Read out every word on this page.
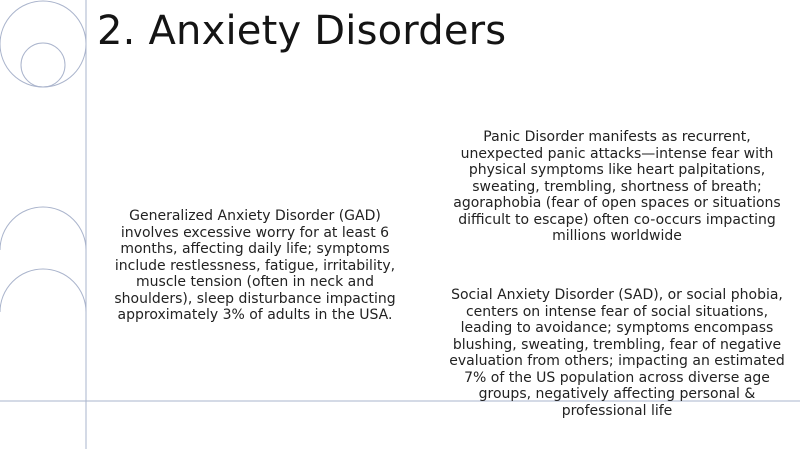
2. Anxiety Disorders

Generalized Anxiety Disorder (GAD) involves excessive worry for at least 6 months, affecting daily life; symptoms include restlessness, fatigue, irritability, muscle tension (often in neck and shoulders), sleep disturbance impacting approximately 3% of adults in the USA.

Panic Disorder manifests as recurrent, unexpected panic attacks—intense fear with physical symptoms like heart palpitations, sweating, trembling, shortness of breath; agoraphobia (fear of open spaces or situations difficult to escape) often co-occurs impacting millions worldwide

Social Anxiety Disorder (SAD), or social phobia, centers on intense fear of social situations, leading to avoidance; symptoms encompass blushing, sweating, trembling, fear of negative evaluation from others; impacting an estimated 7% of the US population across diverse age groups, negatively affecting personal & professional life
